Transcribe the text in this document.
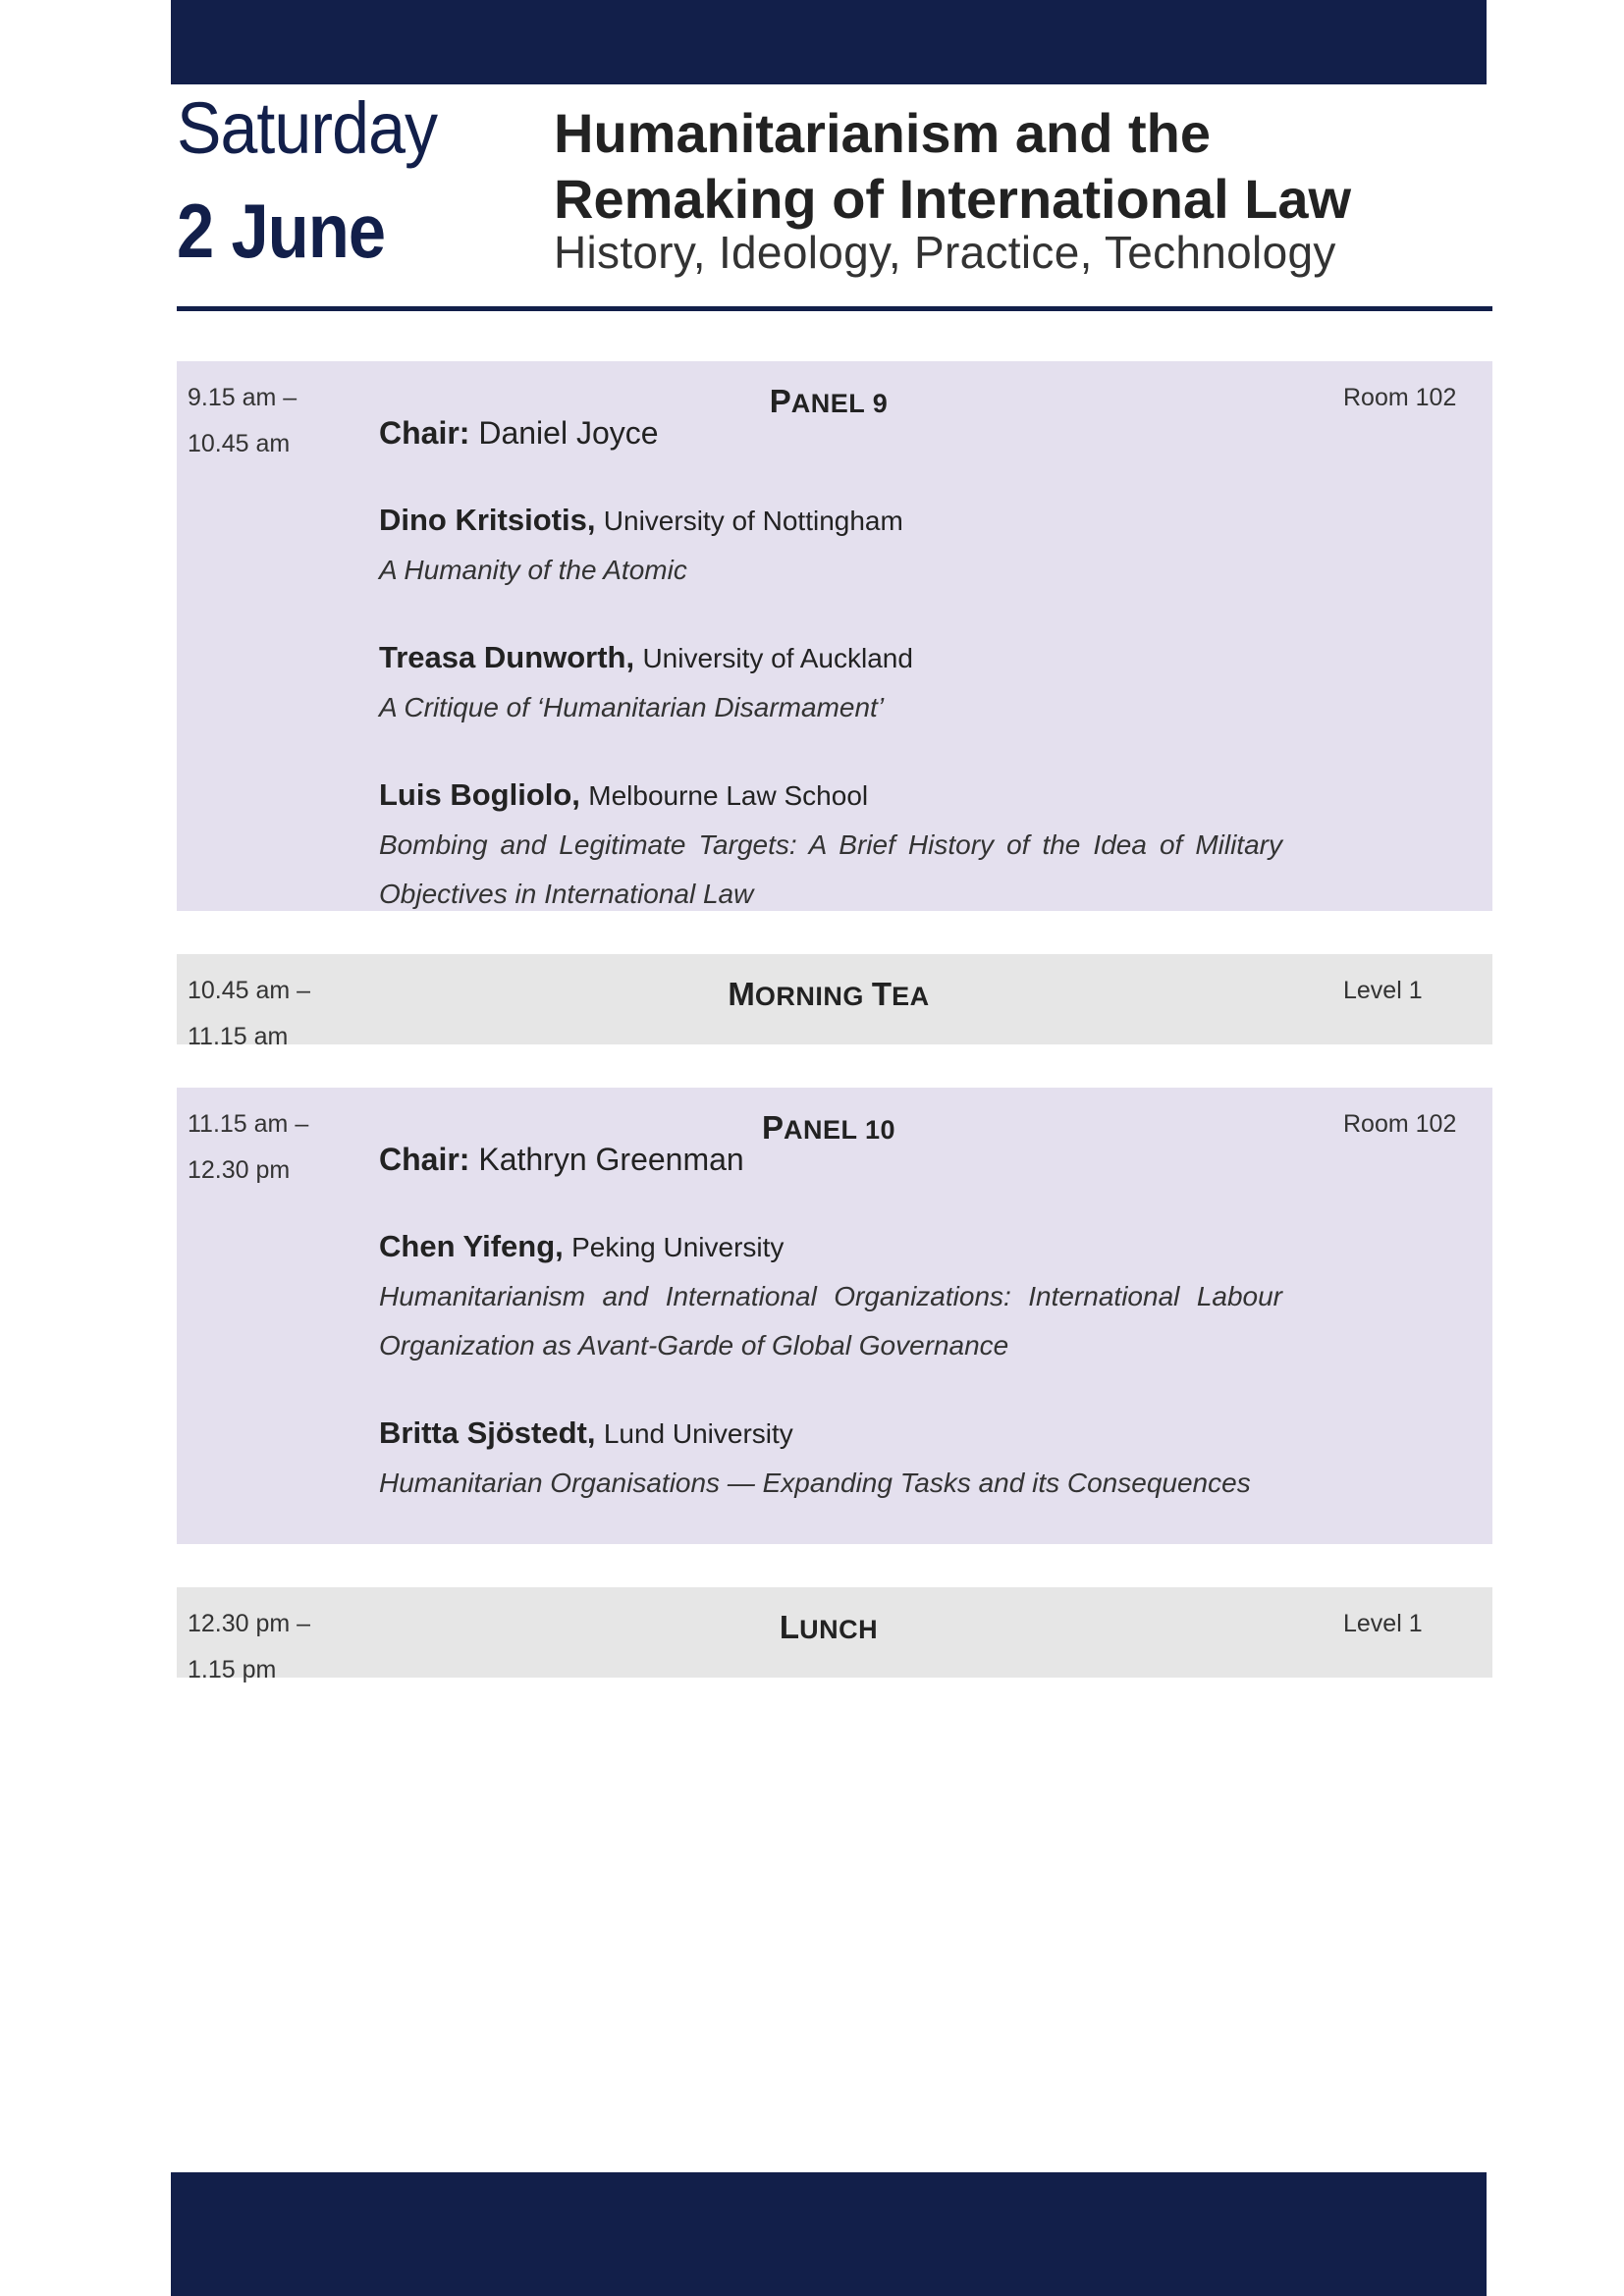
Saturday
2 June
Humanitarianism and the
Remaking of International Law
History, Ideology, Practice, Technology
9.15 am –
10.45 am
PANEL 9	Room 102
Chair: Daniel Joyce
Dino Kritsiotis, University of Nottingham
A Humanity of the Atomic
Treasa Dunworth, University of Auckland
A Critique of ‘Humanitarian Disarmament’
Luis Bogliolo, Melbourne Law School
Bombing and Legitimate Targets: A Brief History of the Idea of Military Objectives in International Law
10.45 am –
11.15 am
MORNING TEA	Level 1
11.15 am –
12.30 pm
PANEL 10	Room 102
Chair: Kathryn Greenman
Chen Yifeng, Peking University
Humanitarianism and International Organizations: International Labour Organization as Avant-Garde of Global Governance
Britta Sjöstedt, Lund University
Humanitarian Organisations — Expanding Tasks and its Consequences
12.30 pm –
1.15 pm
LUNCH	Level 1
